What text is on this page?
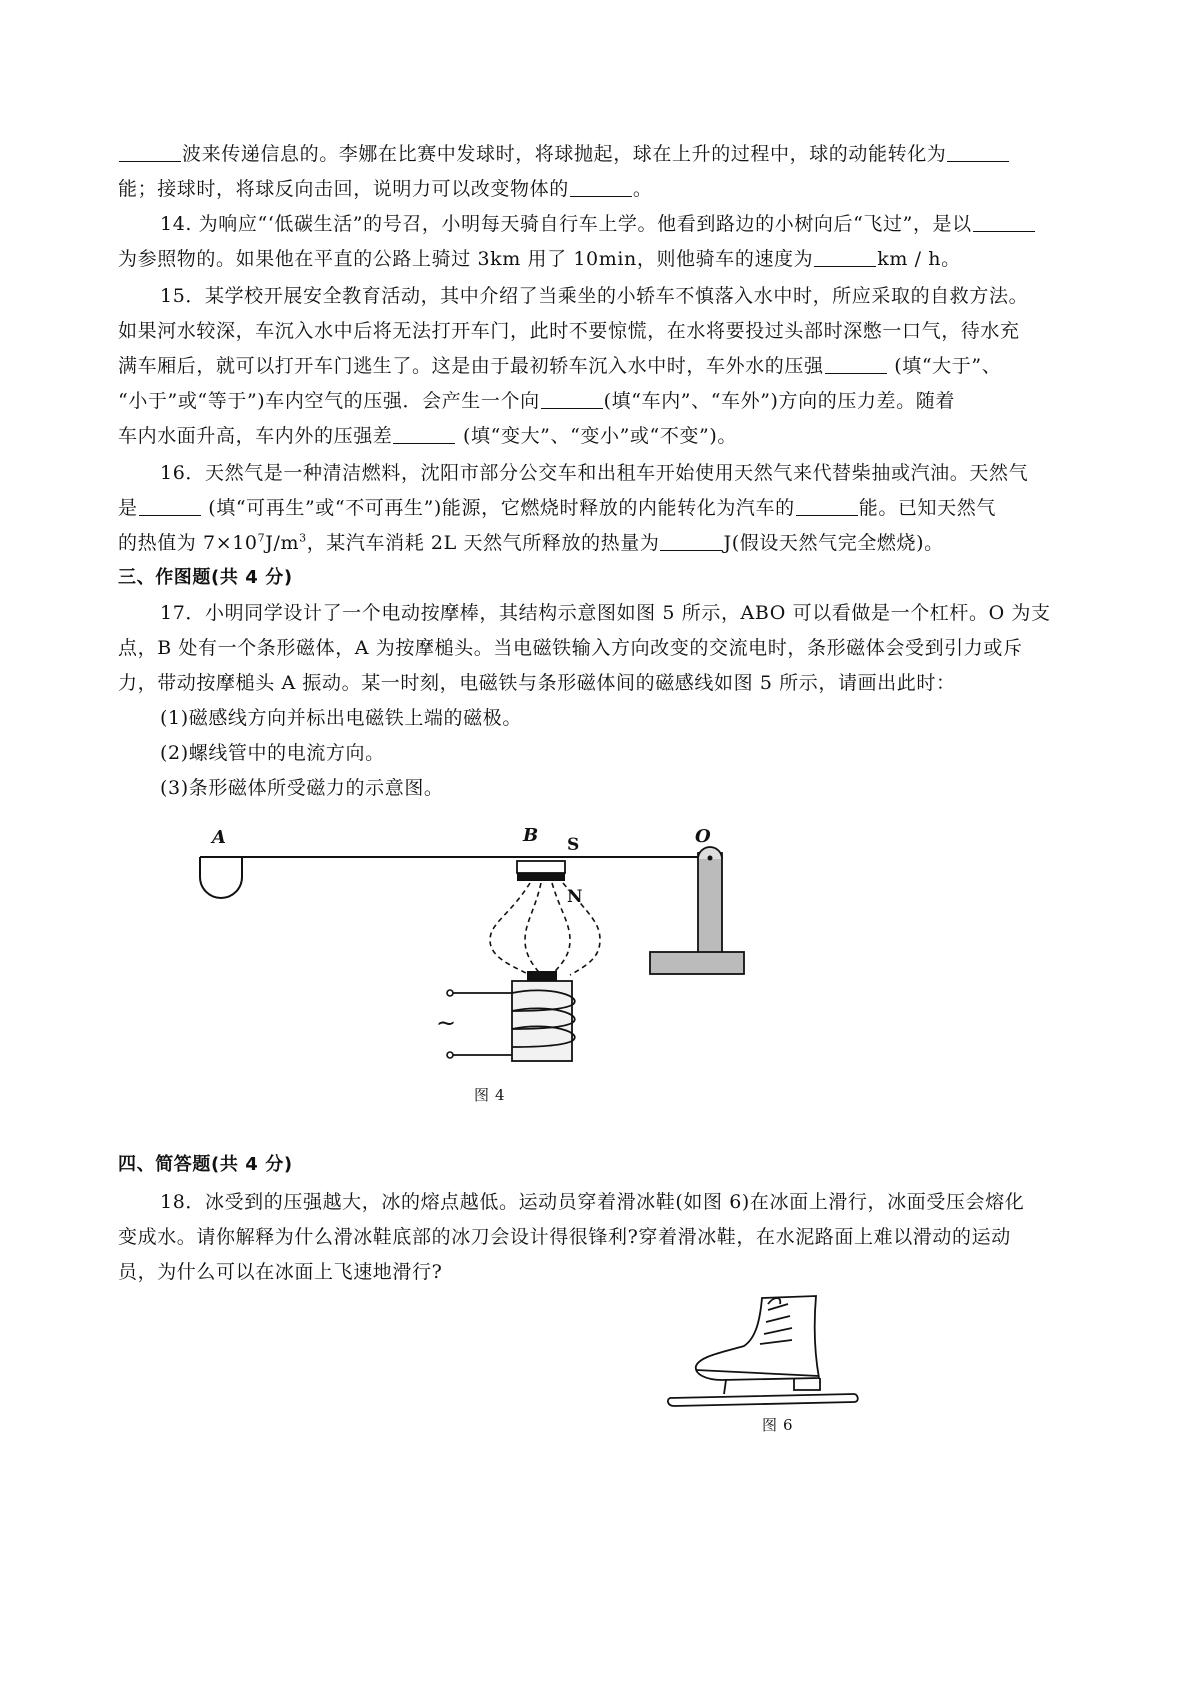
波来传递信息的。李娜在比赛中发球时，将球抛起，球在上升的过程中，球的动能转化为
能；接球时，将球反向击回，说明力可以改变物体的	。
14. 为响应“‘低碳生活”的号召，小明每天骑自行车上学。他看到路边的小树向后“飞过”，是以
为参照物的。如果他在平直的公路上骑过 3km 用了 10min，则他骑车的速度为	km / h。
15．某学校开展安全教育活动，其中介绍了当乘坐的小轿车不慎落入水中时，所应采取的自救方法。
如果河水较深，车沉入水中后将无法打开车门，此时不要惊慌，在水将要投过头部时深憋一口气，待水充
满车厢后，就可以打开车门逃生了。这是由于最初轿车沉入水中时，车外水的压强	(填“大于”、
“小于”或“等于”)车内空气的压强．会产生一个向	(填“车内”、“车外”)方向的压力差。随着
车内水面升高，车内外的压强差	(填“变大”、“变小”或“不变”)。
16．天然气是一种清洁燃料，沈阳市部分公交车和出租车开始使用天然气来代替柴抽或汽油。天然气
是	(填“可再生”或“不可再生”)能源，它燃烧时释放的内能转化为汽车的	能。已知天然气
的热值为 $7\times 10^7J/m^3$，某汽车消耗 2L 天然气所释放的热量为	J(假设天然气完全燃烧)。
三、作图题(共 4 分)
17．小明同学设计了一个电动按摩棒，其结构示意图如图 5 所示，ABO 可以看做是一个杠杆。O 为支
点，B 处有一个条形磁体，A 为按摩槌头。当电磁铁输入方向改变的交流电时，条形磁体会受到引力或斥
力，带动按摩槌头 A 振动。某一时刻，电磁铁与条形磁体间的磁感线如图 5 所示，请画出此时：
(1)磁感线方向并标出电磁铁上端的磁极。
(2)螺线管中的电流方向。
(3)条形磁体所受磁力的示意图。
A	B S
N
O
~
图 4
四、简答题(共 4 分)
18．冰受到的压强越大，冰的熔点越低。运动员穿着滑冰鞋(如图 6)在冰面上滑行，冰面受压会熔化
变成水。请你解释为什么滑冰鞋底部的冰刀会设计得很锋利?穿着滑冰鞋，在水泥路面上难以滑动的运动
员，为什么可以在冰面上飞速地滑行?
图 6
